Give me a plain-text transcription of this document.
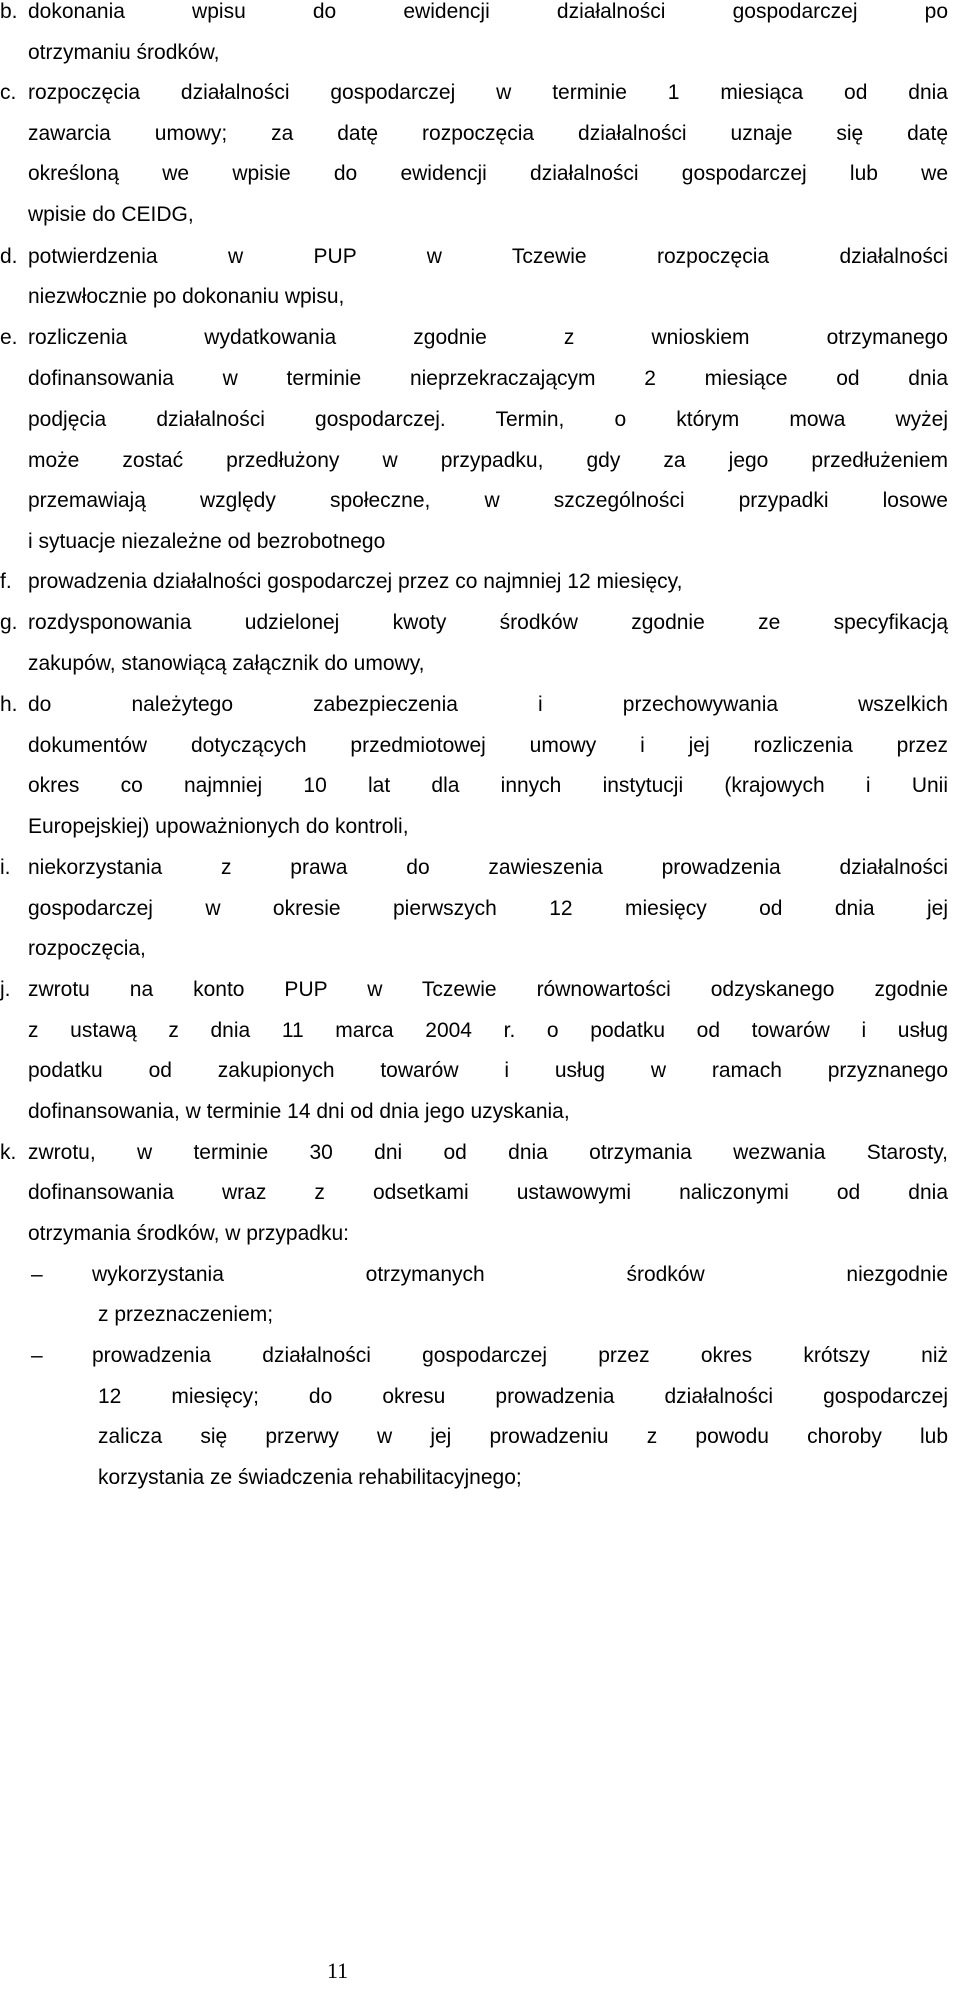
b. dokonania wpisu do ewidencji działalności gospodarczej po
otrzymaniu środków,
c. rozpoczęcia działalności gospodarczej w terminie 1 miesiąca od dnia
zawarcia umowy; za datę rozpoczęcia działalności uznaje się datę
określoną we wpisie do ewidencji działalności gospodarczej lub we
wpisie do CEIDG,
d. potwierdzenia w PUP w Tczewie rozpoczęcia działalności
niezwłocznie po dokonaniu wpisu,
e. rozliczenia wydatkowania zgodnie z wnioskiem otrzymanego
dofinansowania w terminie nieprzekraczającym 2 miesiące od dnia
podjęcia działalności gospodarczej. Termin, o którym mowa wyżej
może zostać przedłużony w przypadku, gdy za jego przedłużeniem
przemawiają względy społeczne, w szczególności przypadki losowe
i sytuacje niezależne od bezrobotnego
f. prowadzenia działalności gospodarczej przez co najmniej 12 miesięcy,
g. rozdysponowania udzielonej kwoty środków zgodnie ze specyfikacją
zakupów, stanowiącą załącznik do umowy,
h. do należytego zabezpieczenia i przechowywania wszelkich
dokumentów dotyczących przedmiotowej umowy i jej rozliczenia przez
okres co najmniej 10 lat dla innych instytucji (krajowych i Unii
Europejskiej) upoważnionych do kontroli,
i. niekorzystania z prawa do zawieszenia prowadzenia działalności
gospodarczej w okresie pierwszych 12 miesięcy od dnia jej
rozpoczęcia,
j. zwrotu na konto PUP w Tczewie równowartości odzyskanego zgodnie
z ustawą z dnia 11 marca 2004 r. o podatku od towarów i usług
podatku od zakupionych towarów i usług w ramach przyznanego
dofinansowania, w terminie 14 dni od dnia jego uzyskania,
k. zwrotu, w terminie 30 dni od dnia otrzymania wezwania Starosty,
dofinansowania wraz z odsetkami ustawowymi naliczonymi od dnia
otrzymania środków, w przypadku:
– wykorzystania otrzymanych środków niezgodnie
z przeznaczeniem;
– prowadzenia działalności gospodarczej przez okres krótszy niż
12 miesięcy; do okresu prowadzenia działalności gospodarczej
zalicza się przerwy w jej prowadzeniu z powodu choroby lub
korzystania ze świadczenia rehabilitacyjnego;
11
